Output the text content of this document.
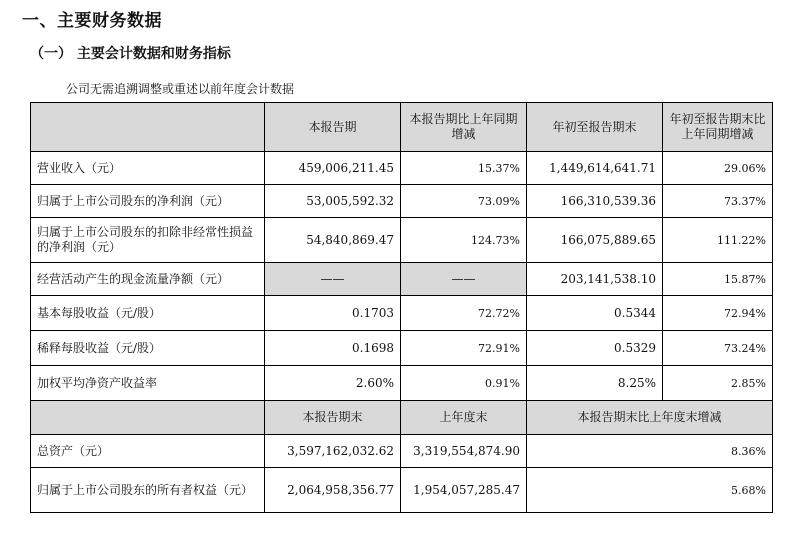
一、主要财务数据
（一） 主要会计数据和财务指标
公司无需追溯调整或重述以前年度会计数据
	本报告期	本报告期比上年同期增减	年初至报告期末	年初至报告期末比上年同期增减
营业收入（元）	459,006,211.45	15.37%	1,449,614,641.71	29.06%
归属于上市公司股东的净利润（元）	53,005,592.32	73.09%	166,310,539.36	73.37%
归属于上市公司股东的扣除非经常性损益的净利润（元）	54,840,869.47	124.73%	166,075,889.65	111.22%
经营活动产生的现金流量净额（元）	——	——	203,141,538.10	15.87%
基本每股收益（元/股）	0.1703	72.72%	0.5344	72.94%
稀释每股收益（元/股）	0.1698	72.91%	0.5329	73.24%
加权平均净资产收益率	2.60%	0.91%	8.25%	2.85%
	本报告期末	上年度末	本报告期末比上年度末增减	
总资产（元）	3,597,162,032.62	3,319,554,874.90	8.36%	
归属于上市公司股东的所有者权益（元）	2,064,958,356.77	1,954,057,285.47	5.68%	
